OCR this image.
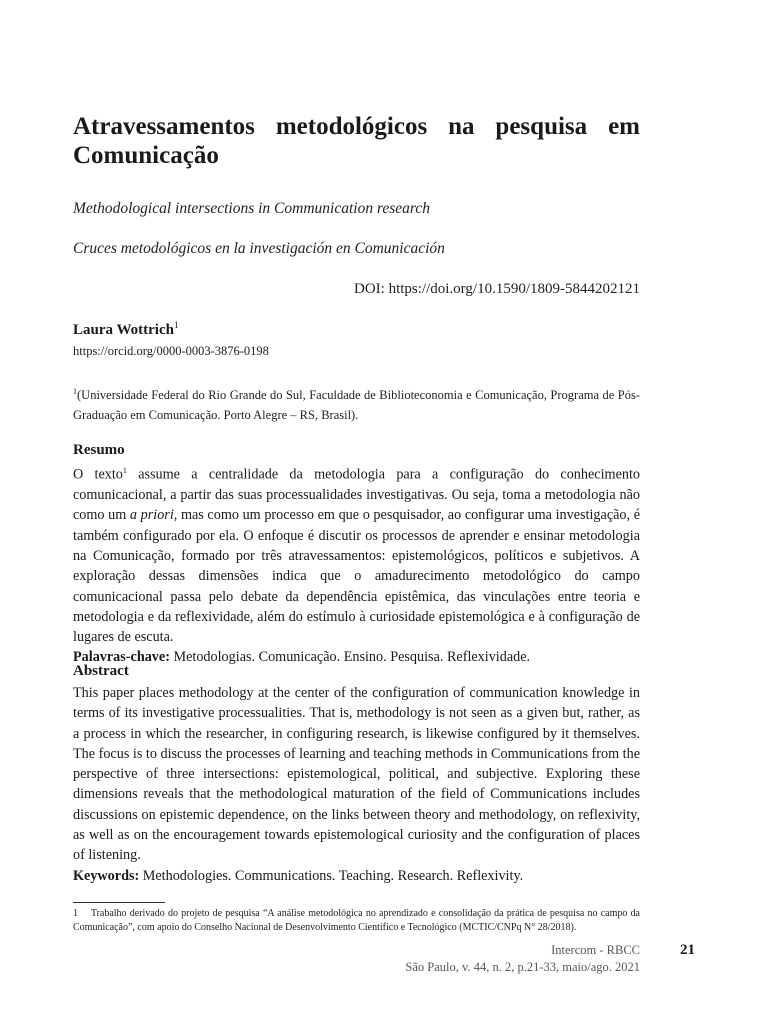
Atravessamentos metodológicos na pesquisa em Comunicação

Methodological intersections in Communication research

Cruces metodológicos en la investigación en Comunicación

DOI: https://doi.org/10.1590/1809-5844202121
Laura Wottrich$^1$
https://orcid.org/0000-0003-3876-0198
$^1$(Universidade Federal do Rio Grande do Sul, Faculdade de Biblioteconomia e Comunicação, Programa de Pós-Graduação em Comunicação. Porto Alegre – RS, Brasil).
Resumo

O texto$^1$ assume a centralidade da metodologia para a configuração do conhecimento comunicacional, a partir das suas processualidades investigativas. Ou seja, toma a metodologia não como um a priori, mas como um processo em que o pesquisador, ao configurar uma investigação, é também configurado por ela. O enfoque é discutir os processos de aprender e ensinar metodologia na Comunicação, formado por três atravessamentos: epistemológicos, políticos e subjetivos. A exploração dessas dimensões indica que o amadurecimento metodológico do campo comunicacional passa pelo debate da dependência epistêmica, das vinculações entre teoria e metodologia e da reflexividade, além do estímulo à curiosidade epistemológica e à configuração de lugares de escuta.
Palavras-chave: Metodologias. Comunicação. Ensino. Pesquisa. Reflexividade.

Abstract

This paper places methodology at the center of the configuration of communication knowledge in terms of its investigative processualities. That is, methodology is not seen as a given but, rather, as a process in which the researcher, in configuring research, is likewise configured by it themselves. The focus is to discuss the processes of learning and teaching methods in Communications from the perspective of three intersections: epistemological, political, and subjective. Exploring these dimensions reveals that the methodological maturation of the field of Communications includes discussions on epistemic dependence, on the links between theory and methodology, on reflexivity, as well as on the encouragement towards epistemological curiosity and the configuration of places of listening.
Keywords: Methodologies. Communications. Teaching. Research. Reflexivity.

1 Trabalho derivado do projeto de pesquisa “A análise metodológica no aprendizado e consolidação da prática de pesquisa no campo da Comunicação”, com apoio do Conselho Nacional de Desenvolvimento Científico e Tecnológico (MCTIC/CNPq N° 28/2018).
Intercom - RBCC
São Paulo, v. 44, n. 2, p.21-33, maio/ago. 2021
21
